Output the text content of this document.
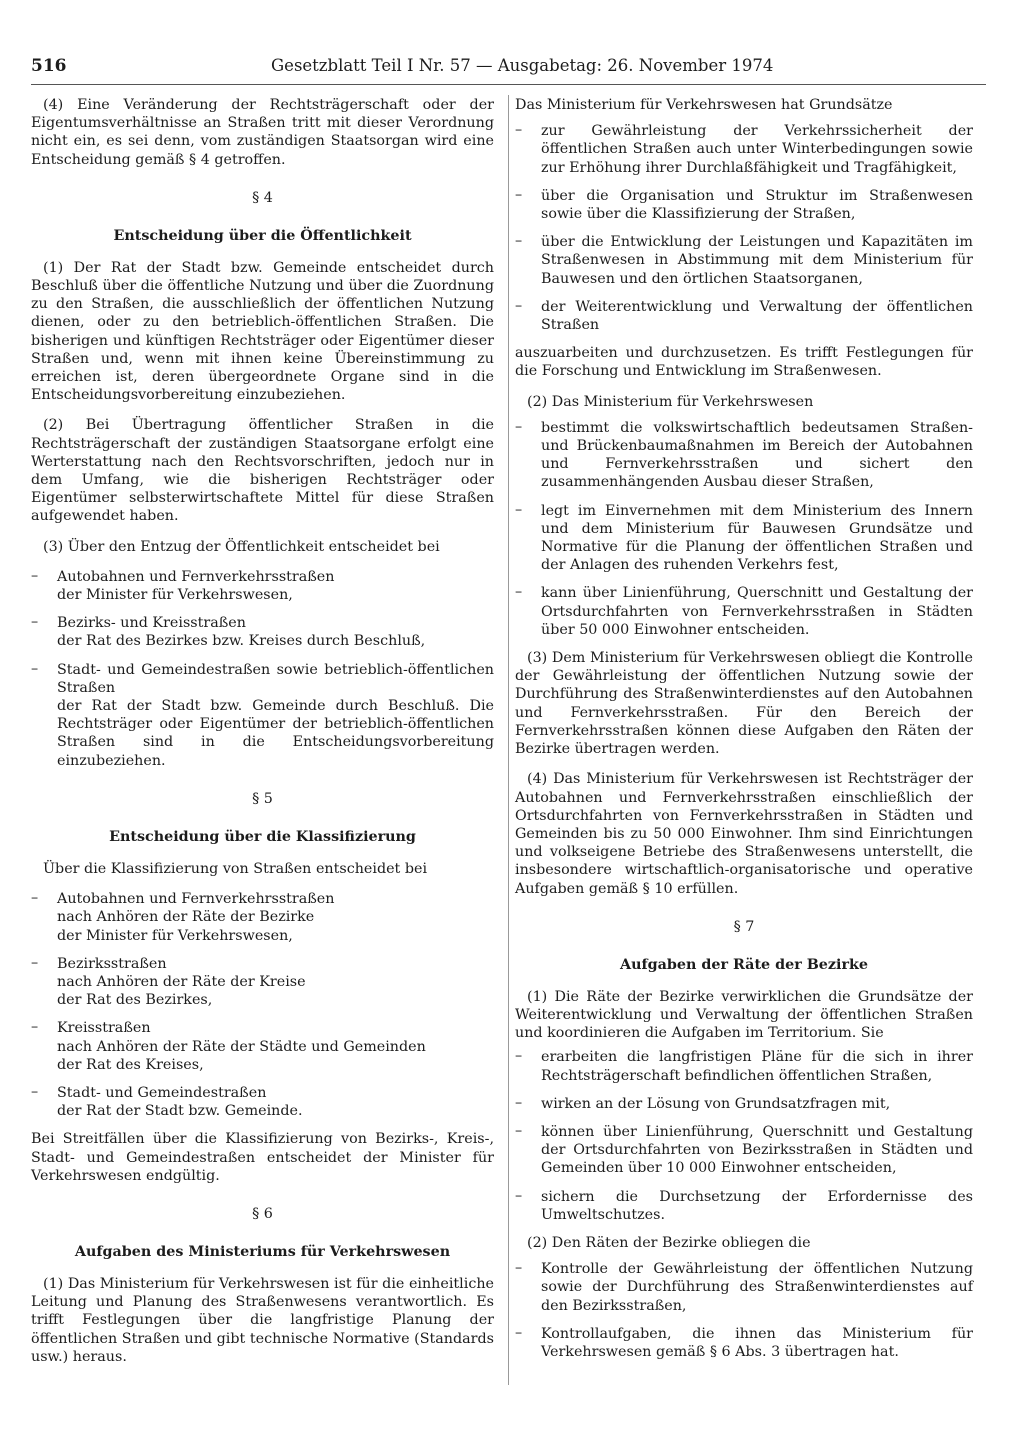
516	Gesetzblatt Teil I Nr. 57 — Ausgabetag: 26. November 1974

(4) Eine Veränderung der Rechtsträgerschaft oder der Eigentumsverhältnisse an Straßen tritt mit dieser Verordnung nicht ein, es sei denn, vom zuständigen Staatsorgan wird eine Entscheidung gemäß § 4 getroffen.

§ 4
Entscheidung über die Öffentlichkeit

(1) Der Rat der Stadt bzw. Gemeinde entscheidet durch Beschluß über die öffentliche Nutzung und über die Zuordnung zu den Straßen, die ausschließlich der öffentlichen Nutzung dienen, oder zu den betrieblich-öffentlichen Straßen. Die bisherigen und künftigen Rechtsträger oder Eigentümer dieser Straßen und, wenn mit ihnen keine Übereinstimmung zu erreichen ist, deren übergeordnete Organe sind in die Entscheidungsvorbereitung einzubeziehen.

(2) Bei Übertragung öffentlicher Straßen in die Rechtsträgerschaft der zuständigen Staatsorgane erfolgt eine Werterstattung nach den Rechtsvorschriften, jedoch nur in dem Umfang, wie die bisherigen Rechtsträger oder Eigentümer selbsterwirtschaftete Mittel für diese Straßen aufgewendet haben.

(3) Über den Entzug der Öffentlichkeit entscheidet bei

– Autobahnen und Fernverkehrsstraßen
der Minister für Verkehrswesen,
– Bezirks- und Kreisstraßen
der Rat des Bezirkes bzw. Kreises durch Beschluß,
– Stadt- und Gemeindestraßen sowie betrieblich-öffentlichen Straßen
der Rat der Stadt bzw. Gemeinde durch Beschluß. Die Rechtsträger oder Eigentümer der betrieblich-öffentlichen Straßen sind in die Entscheidungsvorbereitung einzubeziehen.
§ 5
Entscheidung über die Klassifizierung

Über die Klassifizierung von Straßen entscheidet bei

– Autobahnen und Fernverkehrsstraßen
nach Anhören der Räte der Bezirke
der Minister für Verkehrswesen,
– Bezirksstraßen
nach Anhören der Räte der Kreise
der Rat des Bezirkes,
– Kreisstraßen
nach Anhören der Räte der Städte und Gemeinden
der Rat des Kreises,
– Stadt- und Gemeindestraßen
der Rat der Stadt bzw. Gemeinde.

Bei Streitfällen über die Klassifizierung von Bezirks-, Kreis-, Stadt- und Gemeindestraßen entscheidet der Minister für Verkehrswesen endgültig.

§ 6
Aufgaben des Ministeriums für Verkehrswesen

(1) Das Ministerium für Verkehrswesen ist für die einheitliche Leitung und Planung des Straßenwesens verantwortlich. Es trifft Festlegungen über die langfristige Planung der öffentlichen Straßen und gibt technische Normative (Standards usw.) heraus.

Das Ministerium für Verkehrswesen hat Grundsätze

– zur Gewährleistung der Verkehrssicherheit der öffentlichen Straßen auch unter Winterbedingungen sowie zur Erhöhung ihrer Durchlaßfähigkeit und Tragfähigkeit,
– über die Organisation und Struktur im Straßenwesen sowie über die Klassifizierung der Straßen,
– über die Entwicklung der Leistungen und Kapazitäten im Straßenwesen in Abstimmung mit dem Ministerium für Bauwesen und den örtlichen Staatsorganen,
– der Weiterentwicklung und Verwaltung der öffentlichen Straßen

auszuarbeiten und durchzusetzen. Es trifft Festlegungen für die Forschung und Entwicklung im Straßenwesen.

(2) Das Ministerium für Verkehrswesen

– bestimmt die volkswirtschaftlich bedeutsamen Straßen- und Brückenbaumaßnahmen im Bereich der Autobahnen und Fernverkehrsstraßen und sichert den zusammenhängenden Ausbau dieser Straßen,
– legt im Einvernehmen mit dem Ministerium des Innern und dem Ministerium für Bauwesen Grundsätze und Normative für die Planung der öffentlichen Straßen und der Anlagen des ruhenden Verkehrs fest,
– kann über Linienführung, Querschnitt und Gestaltung der Ortsdurchfahrten von Fernverkehrsstraßen in Städten über 50 000 Einwohner entscheiden.

(3) Dem Ministerium für Verkehrswesen obliegt die Kontrolle der Gewährleistung der öffentlichen Nutzung sowie der Durchführung des Straßenwinterdienstes auf den Autobahnen und Fernverkehrsstraßen. Für den Bereich der Fernverkehrsstraßen können diese Aufgaben den Räten der Bezirke übertragen werden.

(4) Das Ministerium für Verkehrswesen ist Rechtsträger der Autobahnen und Fernverkehrsstraßen einschließlich der Ortsdurchfahrten von Fernverkehrsstraßen in Städten und Gemeinden bis zu 50 000 Einwohner. Ihm sind Einrichtungen und volkseigene Betriebe des Straßenwesens unterstellt, die insbesondere wirtschaftlich-organisatorische und operative Aufgaben gemäß § 10 erfüllen.

§ 7
Aufgaben der Räte der Bezirke

(1) Die Räte der Bezirke verwirklichen die Grundsätze der Weiterentwicklung und Verwaltung der öffentlichen Straßen und koordinieren die Aufgaben im Territorium. Sie

– erarbeiten die langfristigen Pläne für die sich in ihrer Rechtsträgerschaft befindlichen öffentlichen Straßen,
– wirken an der Lösung von Grundsatzfragen mit,
– können über Linienführung, Querschnitt und Gestaltung der Ortsdurchfahrten von Bezirksstraßen in Städten und Gemeinden über 10 000 Einwohner entscheiden,
– sichern die Durchsetzung der Erfordernisse des Umweltschutzes.

(2) Den Räten der Bezirke obliegen die

– Kontrolle der Gewährleistung der öffentlichen Nutzung sowie der Durchführung des Straßenwinterdienstes auf den Bezirksstraßen,
– Kontrollaufgaben, die ihnen das Ministerium für Verkehrswesen gemäß § 6 Abs. 3 übertragen hat.
